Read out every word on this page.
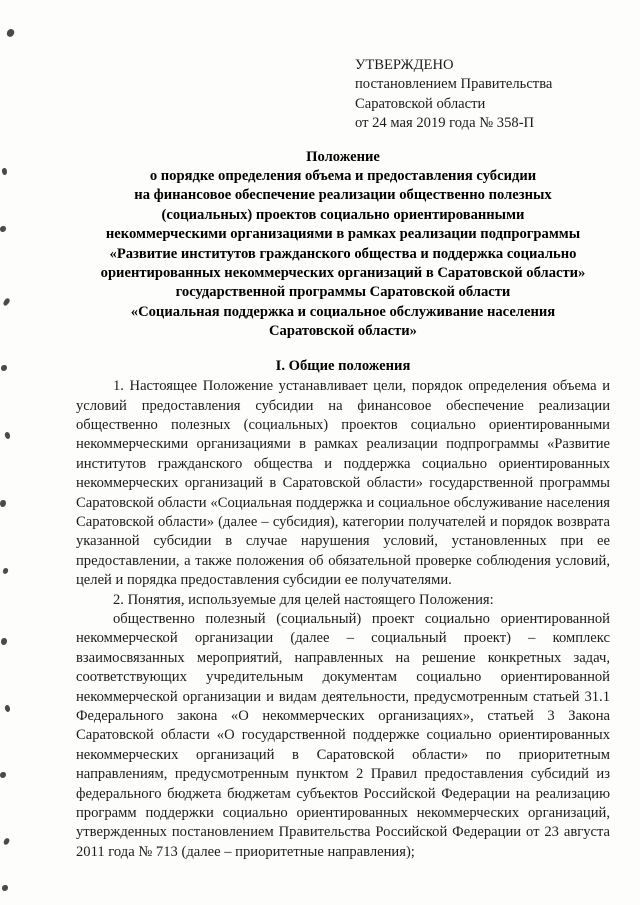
УТВЕРЖДЕНО
постановлением Правительства
Саратовской области
от 24 мая 2019 года № 358-П
Положение
о порядке определения объема и предоставления субсидии
на финансовое обеспечение реализации общественно полезных
(социальных) проектов социально ориентированными
некоммерческими организациями в рамках реализации подпрограммы
«Развитие институтов гражданского общества и поддержка социально
ориентированных некоммерческих организаций в Саратовской области»
государственной программы Саратовской области
«Социальная поддержка и социальное обслуживание населения
Саратовской области»
I. Общие положения

1. Настоящее Положение устанавливает цели, порядок определения объема и условий предоставления субсидии на финансовое обеспечение реализации общественно полезных (социальных) проектов социально ориентированными некоммерческими организациями в рамках реализации подпрограммы «Развитие институтов гражданского общества и поддержка социально ориентированных некоммерческих организаций в Саратовской области» государственной программы Саратовской области «Социальная поддержка и социальное обслуживание населения Саратовской области» (далее – субсидия), категории получателей и порядок возврата указанной субсидии в случае нарушения условий, установленных при ее предоставлении, а также положения об обязательной проверке соблюдения условий, целей и порядка предоставления субсидии ее получателями.

2. Понятия, используемые для целей настоящего Положения:

общественно полезный (социальный) проект социально ориентированной некоммерческой организации (далее – социальный проект) – комплекс взаимосвязанных мероприятий, направленных на решение конкретных задач, соответствующих учредительным документам социально ориентированной некоммерческой организации и видам деятельности, предусмотренным статьей 31.1 Федерального закона «О некоммерческих организациях», статьей 3 Закона Саратовской области «О государственной поддержке социально ориентированных некоммерческих организаций в Саратовской области» по приоритетным направлениям, предусмотренным пунктом 2 Правил предоставления субсидий из федерального бюджета бюджетам субъектов Российской Федерации на реализацию программ поддержки социально ориентированных некоммерческих организаций, утвержденных постановлением Правительства Российской Федерации от 23 августа 2011 года № 713 (далее – приоритетные направления);
